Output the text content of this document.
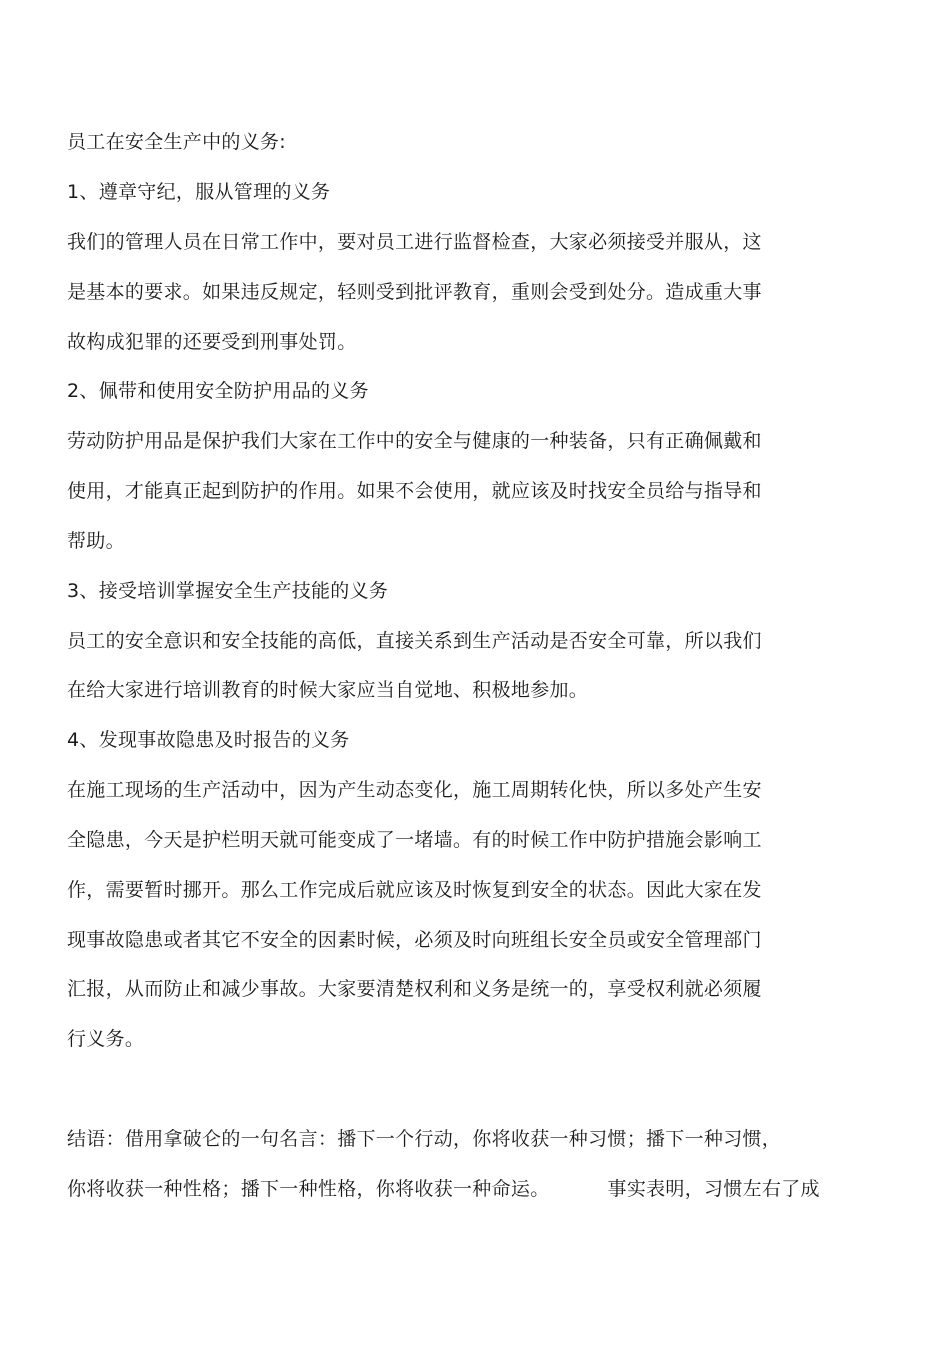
员工在安全生产中的义务:
1、遵章守纪，服从管理的义务
我们的管理人员在日常工作中，要对员工进行监督检查，大家必须接受并服从，这
是基本的要求。如果违反规定，轻则受到批评教育，重则会受到处分。造成重大事
故构成犯罪的还要受到刑事处罚。
2、佩带和使用安全防护用品的义务
劳动防护用品是保护我们大家在工作中的安全与健康的一种装备，只有正确佩戴和
使用，才能真正起到防护的作用。如果不会使用，就应该及时找安全员给与指导和
帮助。
3、接受培训掌握安全生产技能的义务
员工的安全意识和安全技能的高低，直接关系到生产活动是否安全可靠，所以我们
在给大家进行培训教育的时候大家应当自觉地、积极地参加。
4、发现事故隐患及时报告的义务
在施工现场的生产活动中，因为产生动态变化，施工周期转化快，所以多处产生安
全隐患，今天是护栏明天就可能变成了一堵墙。有的时候工作中防护措施会影响工
作，需要暂时挪开。那么工作完成后就应该及时恢复到安全的状态。因此大家在发
现事故隐患或者其它不安全的因素时候，必须及时向班组长安全员或安全管理部门
汇报，从而防止和减少事故。大家要清楚权利和义务是统一的，享受权利就必须履
行义务。
结语：借用拿破仑的一句名言：播下一个行动，你将收获一种习惯；播下一种习惯，
你将收获一种性格；播下一种性格，你将收获一种命运。	事实表明，习惯左右了成
